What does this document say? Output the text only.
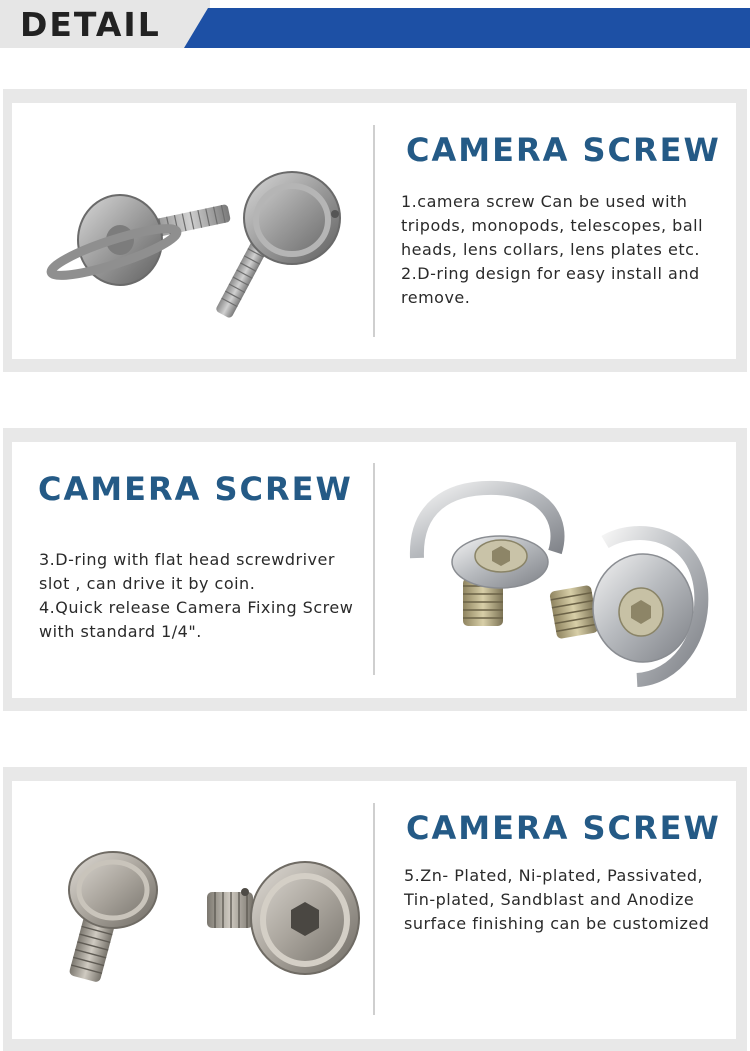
DETAIL
CAMERA SCREW
1.camera screw Can be used with
tripods, monopods, telescopes, ball
heads, lens collars, lens plates etc.
2.D-ring design for easy install and
remove.
CAMERA SCREW
3.D-ring with flat head screwdriver
slot , can drive it by coin.
4.Quick release Camera Fixing Screw
with standard 1/4".
CAMERA SCREW
5.Zn- Plated, Ni-plated, Passivated,
Tin-plated, Sandblast and Anodize
surface finishing can be customized
